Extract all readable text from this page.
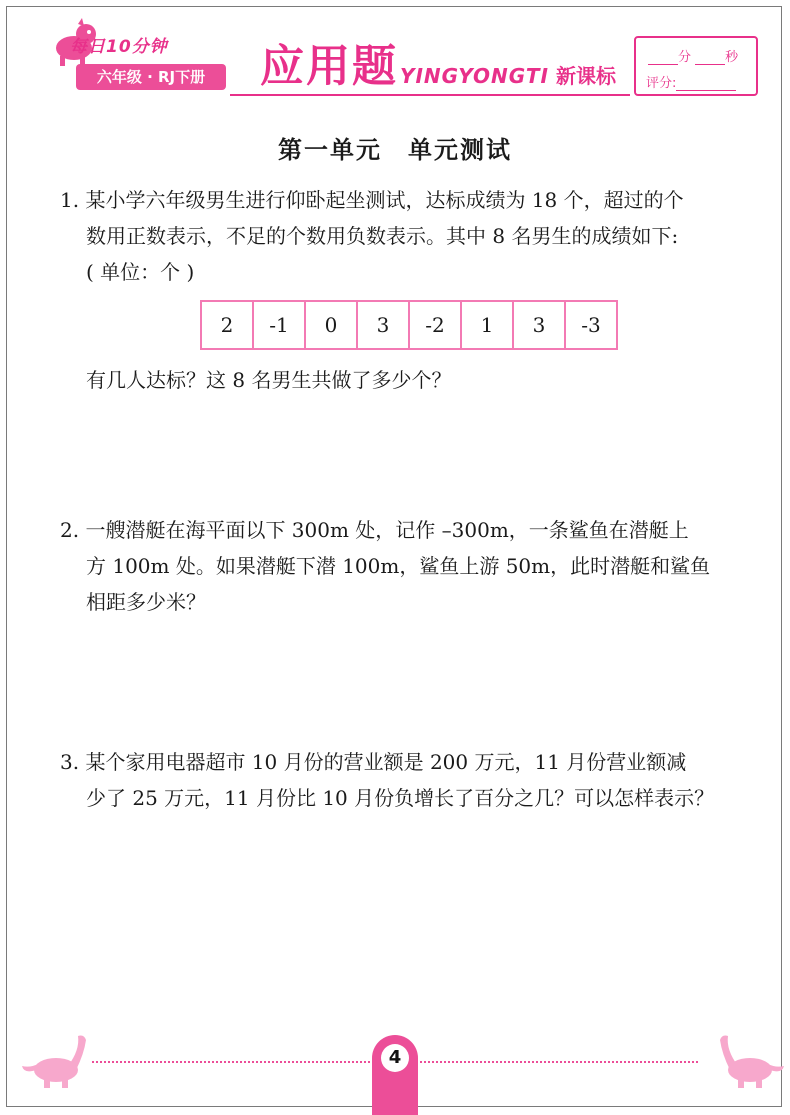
每日10分钟
六年级 · RJ下册	应用题 YINGYONGTI 新课标
分	秒
评分:
第一单元　单元测试
1. 某小学六年级男生进行仰卧起坐测试，达标成绩为 18 个，超过的个
数用正数表示，不足的个数用负数表示。其中 8 名男生的成绩如下:
( 单位：个 )
2	-1	0	3	-2	1	3	-3
有几人达标？这 8 名男生共做了多少个？
2. 一艘潜艇在海平面以下 300m 处，记作 –300m，一条鲨鱼在潜艇上
方 100m 处。如果潜艇下潜 100m，鲨鱼上游 50m，此时潜艇和鲨鱼
相距多少米？
3. 某个家用电器超市 10 月份的营业额是 200 万元，11 月份营业额减
少了 25 万元，11 月份比 10 月份负增长了百分之几？可以怎样表示？
4
